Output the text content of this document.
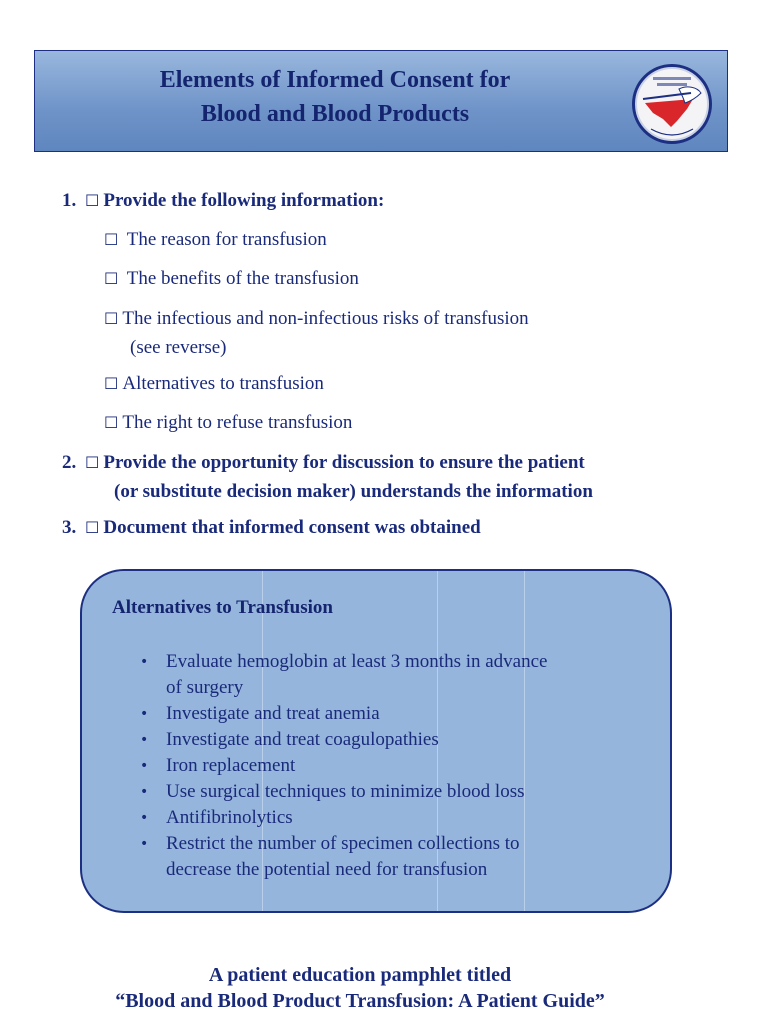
Elements of Informed Consent for
Blood and Blood Products
1. ☐ Provide the following information:
☐ The reason for transfusion
☐ The benefits of the transfusion
☐ The infectious and non-infectious risks of transfusion
(see reverse)
☐ Alternatives to transfusion
☐ The right to refuse transfusion
2. ☐ Provide the opportunity for discussion to ensure the patient
(or substitute decision maker) understands the information
3. ☐ Document that informed consent was obtained
Alternatives to Transfusion
• Evaluate hemoglobin at least 3 months in advance
of surgery
• Investigate and treat anemia
• Investigate and treat coagulopathies
• Iron replacement
• Use surgical techniques to minimize blood loss
• Antifibrinolytics
• Restrict the number of specimen collections to
decrease the potential need for transfusion
A patient education pamphlet titled
“Blood and Blood Product Transfusion: A Patient Guide”
